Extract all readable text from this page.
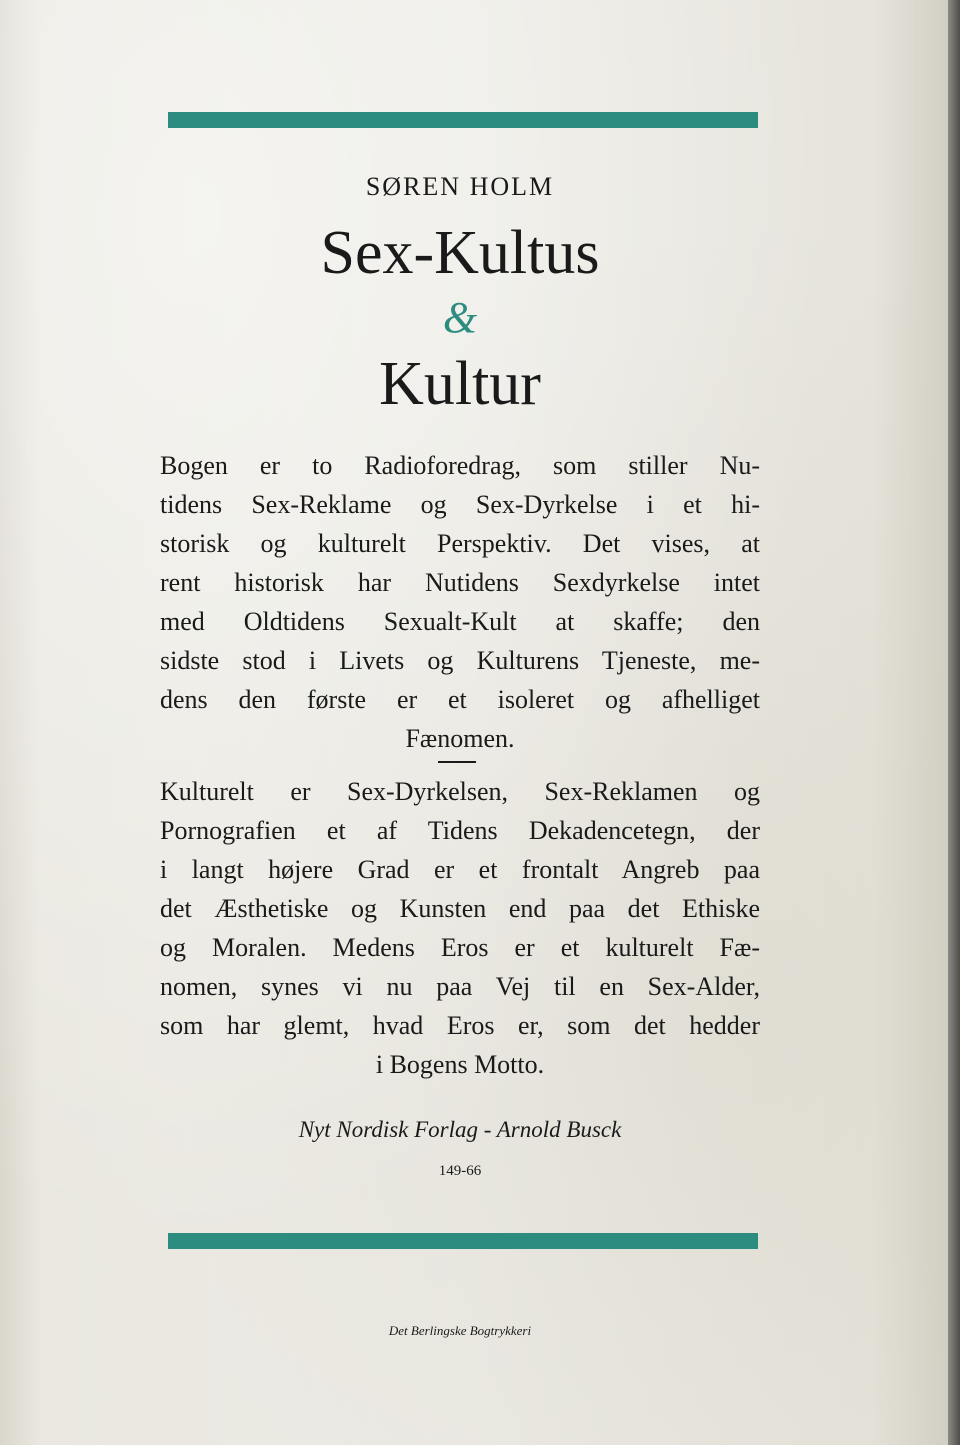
SØREN HOLM
Sex-Kultus
&
Kultur
Bogen er to Radioforedrag, som stiller Nu-
tidens Sex-Reklame og Sex-Dyrkelse i et hi-
storisk og kulturelt Perspektiv. Det vises, at
rent historisk har Nutidens Sexdyrkelse intet
med Oldtidens Sexualt-Kult at skaffe; den
sidste stod i Livets og Kulturens Tjeneste, me-
dens den første er et isoleret og afhelliget
Fænomen.
Kulturelt er Sex-Dyrkelsen, Sex-Reklamen og
Pornografien et af Tidens Dekadencetegn, der
i langt højere Grad er et frontalt Angreb paa
det Æsthetiske og Kunsten end paa det Ethiske
og Moralen. Medens Eros er et kulturelt Fæ-
nomen, synes vi nu paa Vej til en Sex-Alder,
som har glemt, hvad Eros er, som det hedder
i Bogens Motto.
Nyt Nordisk Forlag - Arnold Busck
149-66
Det Berlingske Bogtrykkeri
